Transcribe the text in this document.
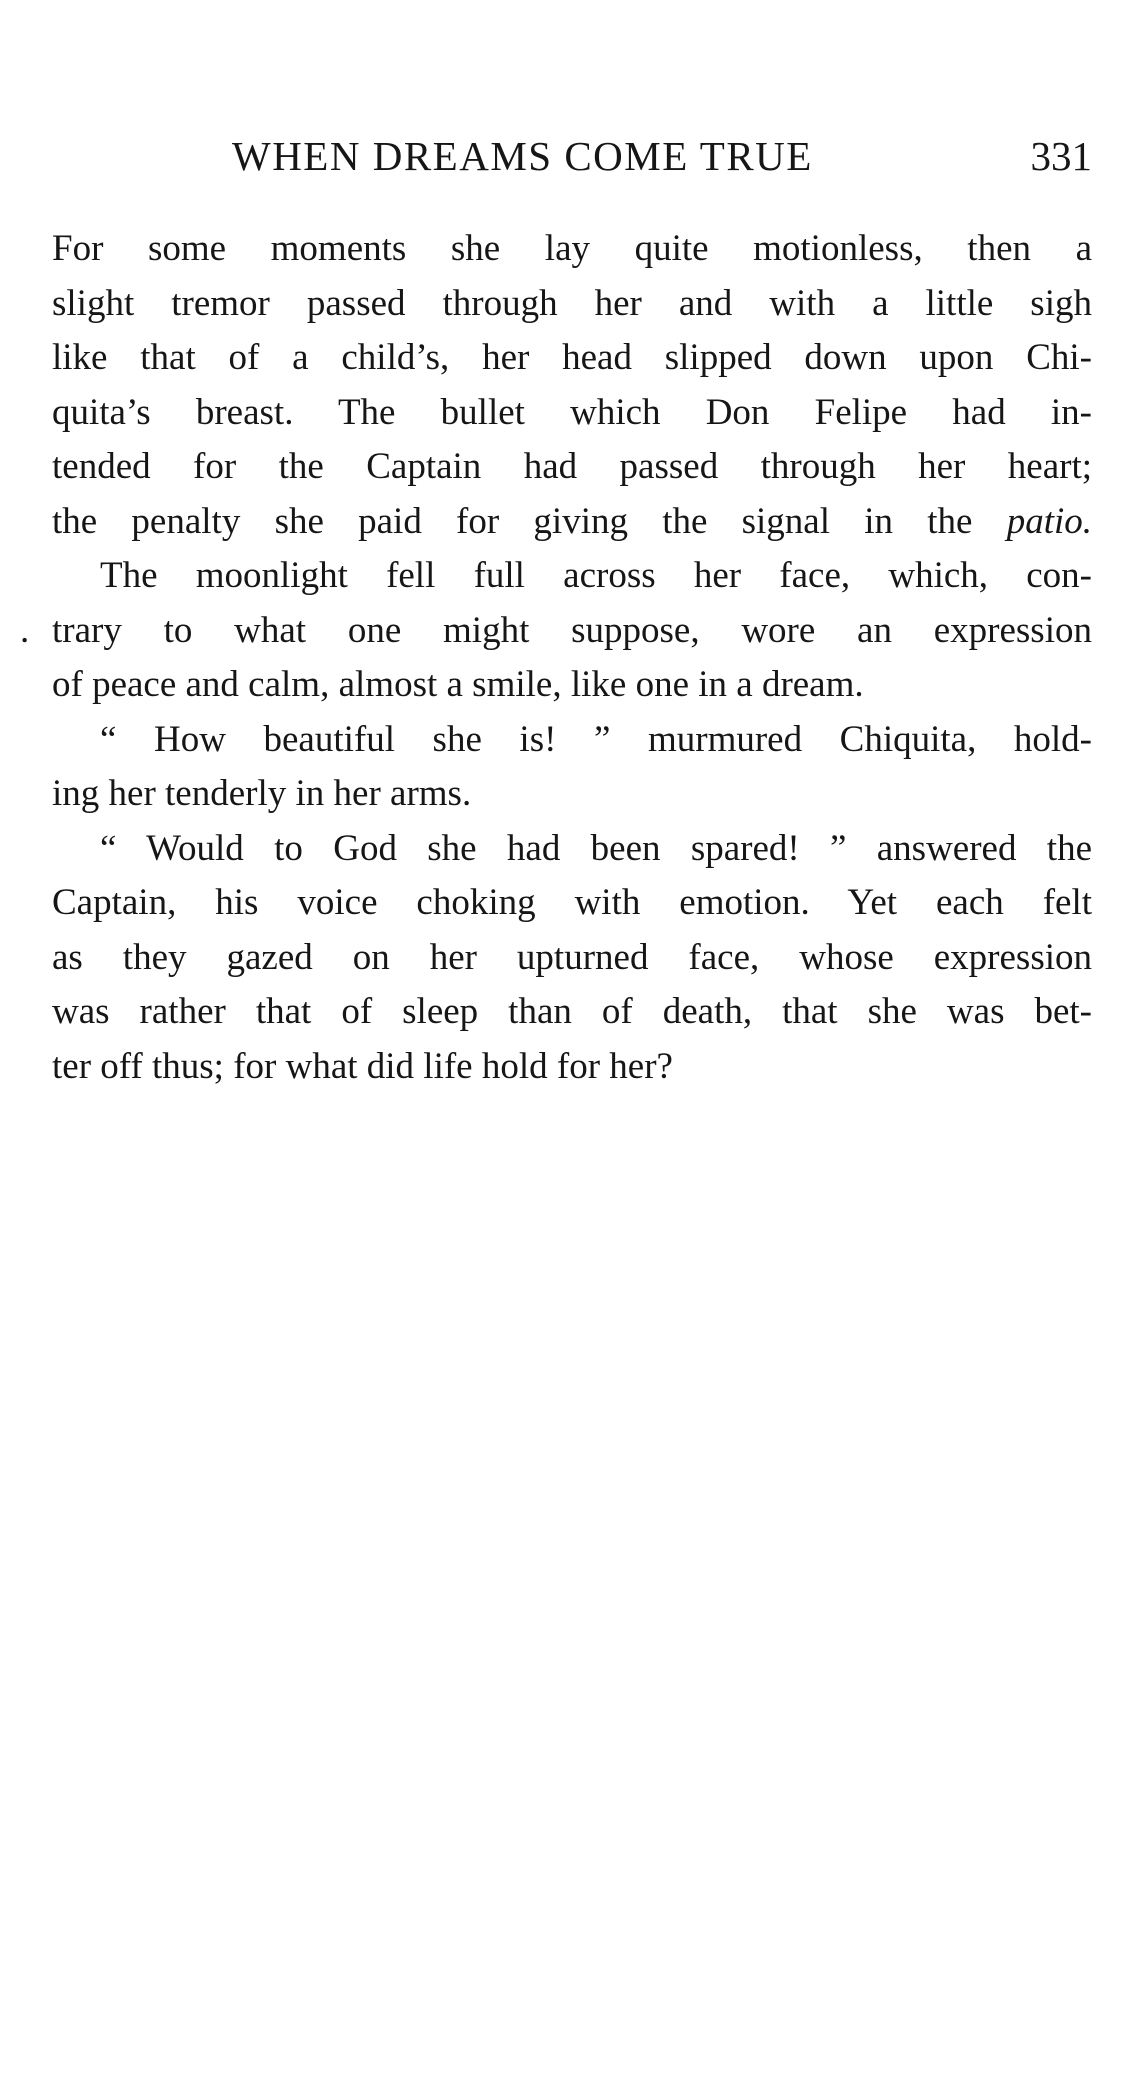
WHEN DREAMS COME TRUE	331
For some moments she lay quite motionless, then a
slight tremor passed through her and with a little sigh
like that of a child’s, her head slipped down upon Chi-
quita’s breast. The bullet which Don Felipe had in-
tended for the Captain had passed through her heart;
the penalty she paid for giving the signal in the patio.
The moonlight fell full across her face, which, con-
. trary to what one might suppose, wore an expression
of peace and calm, almost a smile, like one in a dream.
“ How beautiful she is! ” murmured Chiquita, hold-
ing her tenderly in her arms.
“ Would to God she had been spared! ” answered the
Captain, his voice choking with emotion. Yet each felt
as they gazed on her upturned face, whose expression
was rather that of sleep than of death, that she was bet-
ter off thus; for what did life hold for her?
